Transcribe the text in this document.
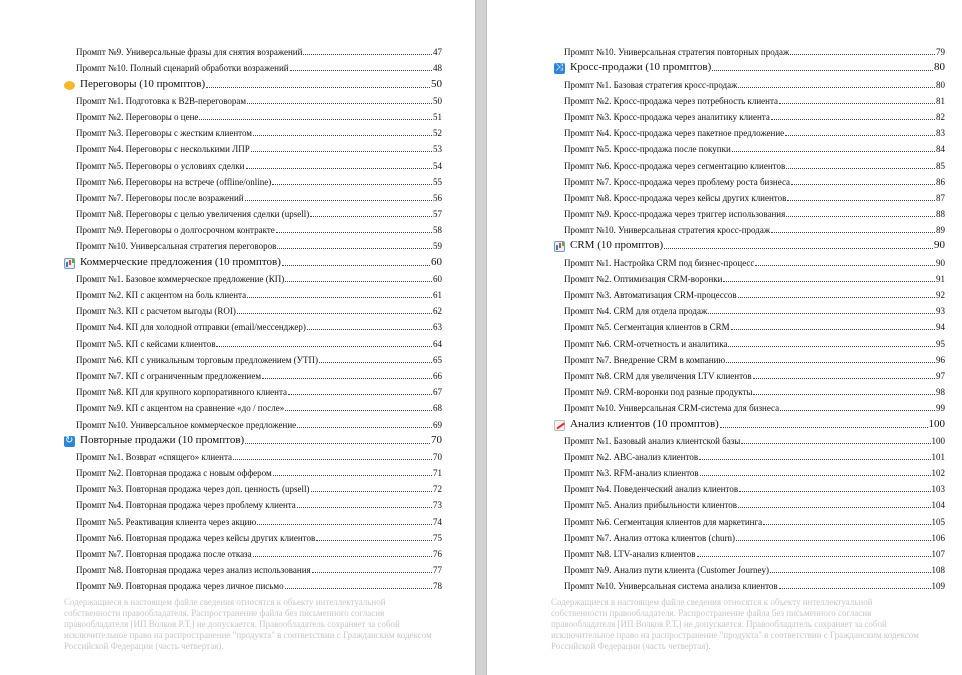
Промпт №9. Универсальные фразы для снятия возражений	47
Промпт №10. Полный сценарий обработки возражений	48
Переговоры (10 промптов)	50
Промпт №1. Подготовка к B2B-переговорам	50
Промпт №2. Переговоры о цене	51
Промпт №3. Переговоры с жестким клиентом	52
Промпт №4. Переговоры с несколькими ЛПР	53
Промпт №5. Переговоры о условиях сделки	54
Промпт №6. Переговоры на встрече (offline/online)	55
Промпт №7. Переговоры после возражений	56
Промпт №8. Переговоры с целью увеличения сделки (upsell)	57
Промпт №9. Переговоры о долгосрочном контракте	58
Промпт №10. Универсальная стратегия переговоров	59
Коммерческие предложения (10 промптов)	60
Промпт №1. Базовое коммерческое предложение (КП)	60
Промпт №2. КП с акцентом на боль клиента	61
Промпт №3. КП с расчетом выгоды (ROI)	62
Промпт №4. КП для холодной отправки (email/мессенджер)	63
Промпт №5. КП с кейсами клиентов	64
Промпт №6. КП с уникальным торговым предложением (УТП)	65
Промпт №7. КП с ограниченным предложением	66
Промпт №8. КП для крупного корпоративного клиента	67
Промпт №9. КП с акцентом на сравнение «до / после»	68
Промпт №10. Универсальное коммерческое предложение	69
↻
Повторные продажи (10 промптов)	70
Промпт №1. Возврат «спящего» клиента	70
Промпт №2. Повторная продажа с новым оффером	71
Промпт №3. Повторная продажа через доп. ценность (upsell)	72
Промпт №4. Повторная продажа через проблему клиента	73
Промпт №5. Реактивация клиента через акцию	74
Промпт №6. Повторная продажа через кейсы других клиентов	75
Промпт №7. Повторная продажа после отказа	76
Промпт №8. Повторная продажа через анализ использования	77
Промпт №9. Повторная продажа через личное письмо	78
Содержащиеся в настоящем файле сведения относятся к объекту интеллектуальной собственности правообладателя. Распространение файла без письменного согласия правообладателя [ИП Волков Р.Т.] не допускается. Правообладатель сохраняет за собой исключительное право на распространение "продукта" в соответствии с Гражданским кодексом Российской Федерации (часть четвертая).
Промпт №10. Универсальная стратегия повторных продаж	79
⤨
Кросс-продажи (10 промптов)	80
Промпт №1. Базовая стратегия кросс-продаж	80
Промпт №2. Кросс-продажа через потребность клиента	81
Промпт №3. Кросс-продажа через аналитику клиента	82
Промпт №4. Кросс-продажа через пакетное предложение	83
Промпт №5. Кросс-продажа после покупки	84
Промпт №6. Кросс-продажа через сегментацию клиентов	85
Промпт №7. Кросс-продажа через проблему роста бизнеса	86
Промпт №8. Кросс-продажа через кейсы других клиентов	87
Промпт №9. Кросс-продажа через триггер использования	88
Промпт №10. Универсальная стратегия кросс-продаж	89
CRM (10 промптов)	90
Промпт №1. Настройка CRM под бизнес-процесс	90
Промпт №2. Оптимизация CRM-воронки	91
Промпт №3. Автоматизация CRM-процессов	92
Промпт №4. CRM для отдела продаж	93
Промпт №5. Сегментация клиентов в CRM	94
Промпт №6. CRM-отчетность и аналитика	95
Промпт №7. Внедрение CRM в компанию	96
Промпт №8. CRM для увеличения LTV клиентов	97
Промпт №9. CRM-воронки под разные продукты	98
Промпт №10. Универсальная CRM-система для бизнеса	99
Анализ клиентов (10 промптов)	100
Промпт №1. Базовый анализ клиентской базы	100
Промпт №2. ABC-анализ клиентов	101
Промпт №3. RFM-анализ клиентов	102
Промпт №4. Поведенческий анализ клиентов	103
Промпт №5. Анализ прибыльности клиентов	104
Промпт №6. Сегментация клиентов для маркетинга	105
Промпт №7. Анализ оттока клиентов (churn)	106
Промпт №8. LTV-анализ клиентов	107
Промпт №9. Анализ пути клиента (Customer Journey)	108
Промпт №10. Универсальная система анализа клиентов	109
Содержащиеся в настоящем файле сведения относятся к объекту интеллектуальной собственности правообладателя. Распространение файла без письменного согласия правообладателя [ИП Волков Р.Т.] не допускается. Правообладатель сохраняет за собой исключительное право на распространение "продукта" в соответствии с Гражданским кодексом Российской Федерации (часть четвертая).
